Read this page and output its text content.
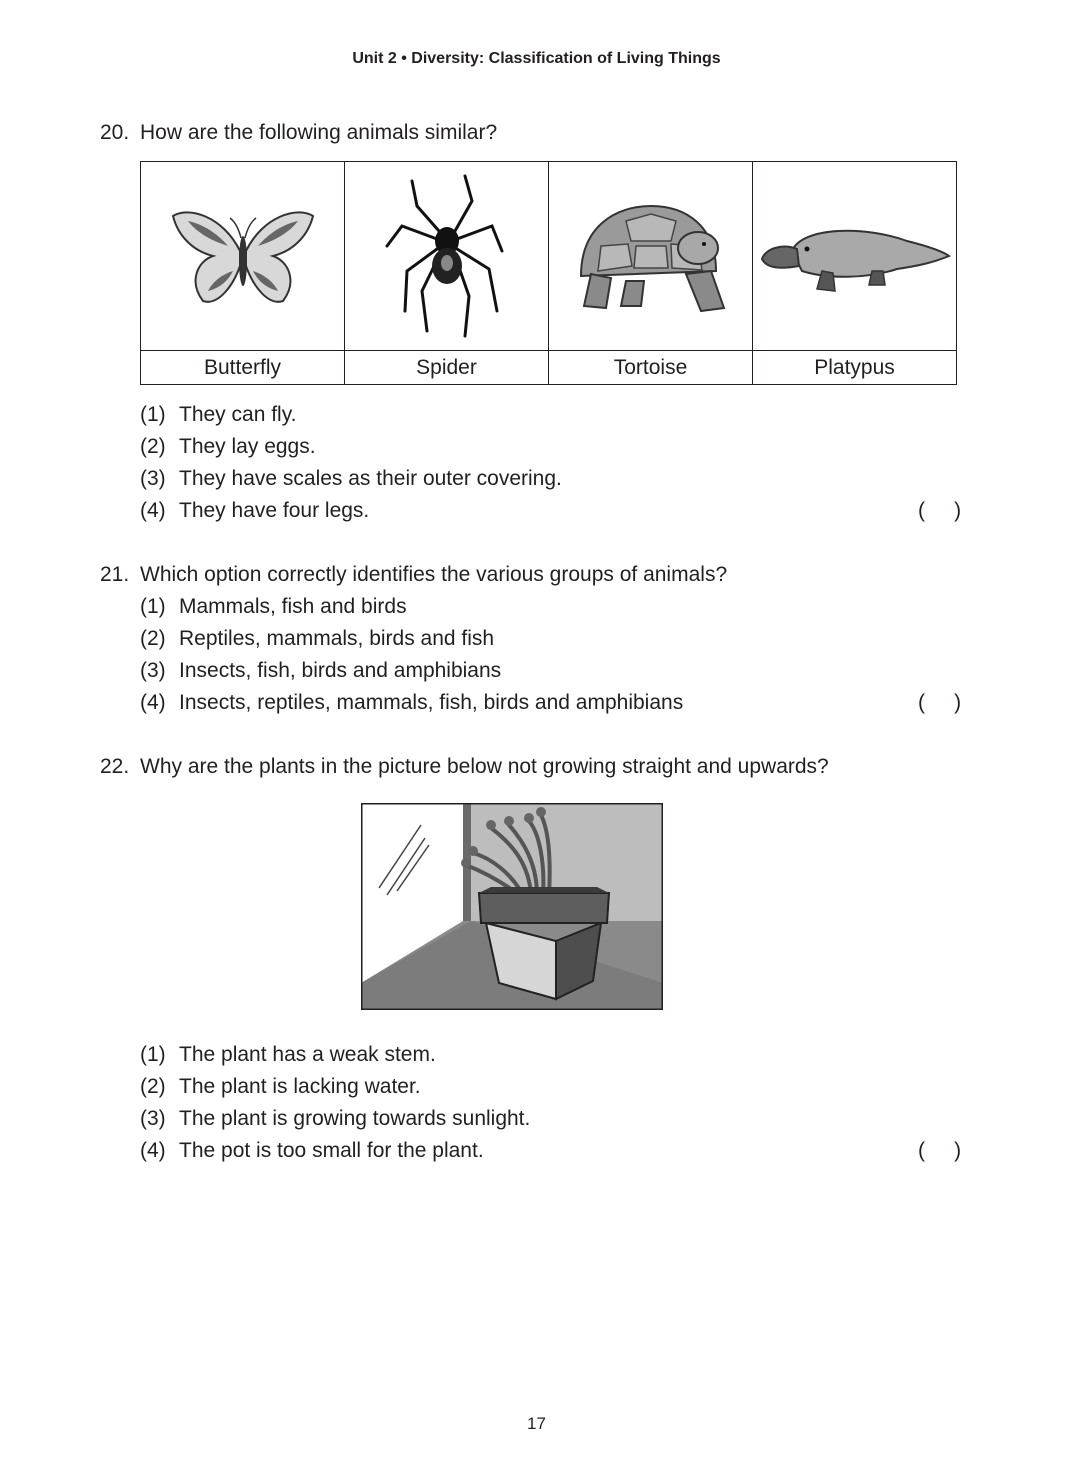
Unit 2 • Diversity: Classification of Living Things
20. How are the following animals similar?

Butterfly	Spider	Tortoise	Platypus
(1) They can fly.
(2) They lay eggs.
(3) They have scales as their outer covering.
(4) They have four legs.	(     )
21. Which option correctly identifies the various groups of animals?
(1) Mammals, fish and birds
(2) Reptiles, mammals, birds and fish
(3) Insects, fish, birds and amphibians
(4) Insects, reptiles, mammals, fish, birds and amphibians	(     )
22. Why are the plants in the picture below not growing straight and upwards?
(1) The plant has a weak stem.
(2) The plant is lacking water.
(3) The plant is growing towards sunlight.
(4) The pot is too small for the plant.	(     )
17
